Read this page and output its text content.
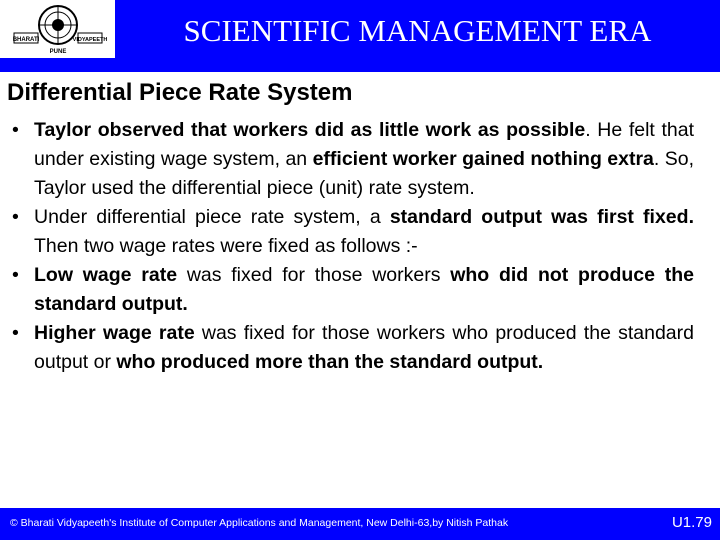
BHARATI	VIDYAPEETH
PUNE
SCIENTIFIC MANAGEMENT ERA
Differential Piece Rate System
• Taylor observed that workers did as little work as possible. He felt that under existing wage system, an efficient worker gained nothing extra. So, Taylor used the differential piece (unit) rate system.
• Under differential piece rate system, a standard output was first fixed. Then two wage rates were fixed as follows :-
• Low wage rate was fixed for those workers who did not produce the standard output.
• Higher wage rate was fixed for those workers who produced the standard output or who produced more than the standard output.
© Bharati Vidyapeeth's Institute of Computer Applications and Management, New Delhi-63,by Nitish Pathak	U1.79
